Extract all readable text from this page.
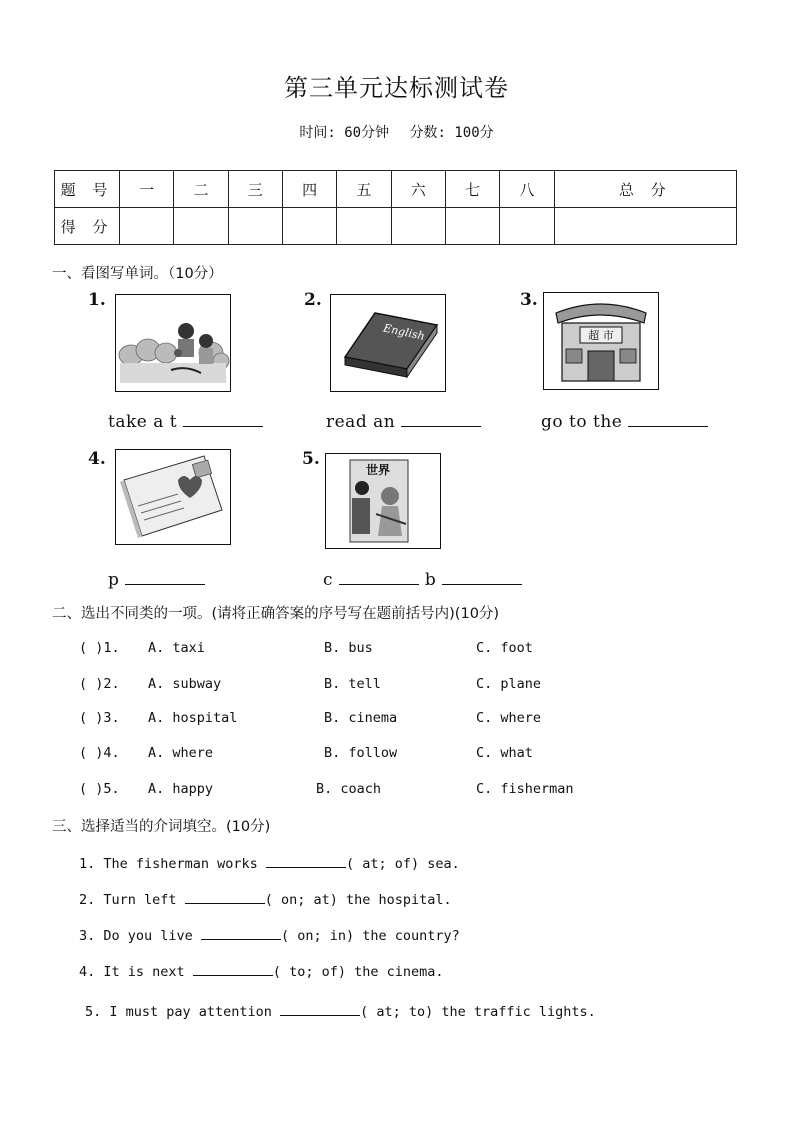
第三单元达标测试卷
时间: 60分钟 分数: 100分
题 号	一	二	三	四	五	六	七	八	总 分
得 分									
一、看图写单词。（10分）
1.
take a t
2.
English
read an
3.
超 市
go to the
4.
p
5.
世界
c	b
二、选出不同类的一项。(请将正确答案的序号写在题前括号内)(10分)
( )1. A. taxi	B. bus	C. foot
( )2. A. subway	B. tell	C. plane
( )3. A. hospital	B. cinema	C. where
( )4. A. where	B. follow	C. what
( )5. A. happy	B. coach	C. fisherman
三、选择适当的介词填空。(10分)
1. The fisherman works	( at; of) sea.
2. Turn left	( on; at) the hospital.
3. Do you live	( on; in) the country?
4. It is next	( to; of) the cinema.
5. I must pay attention	( at; to) the traffic lights.
